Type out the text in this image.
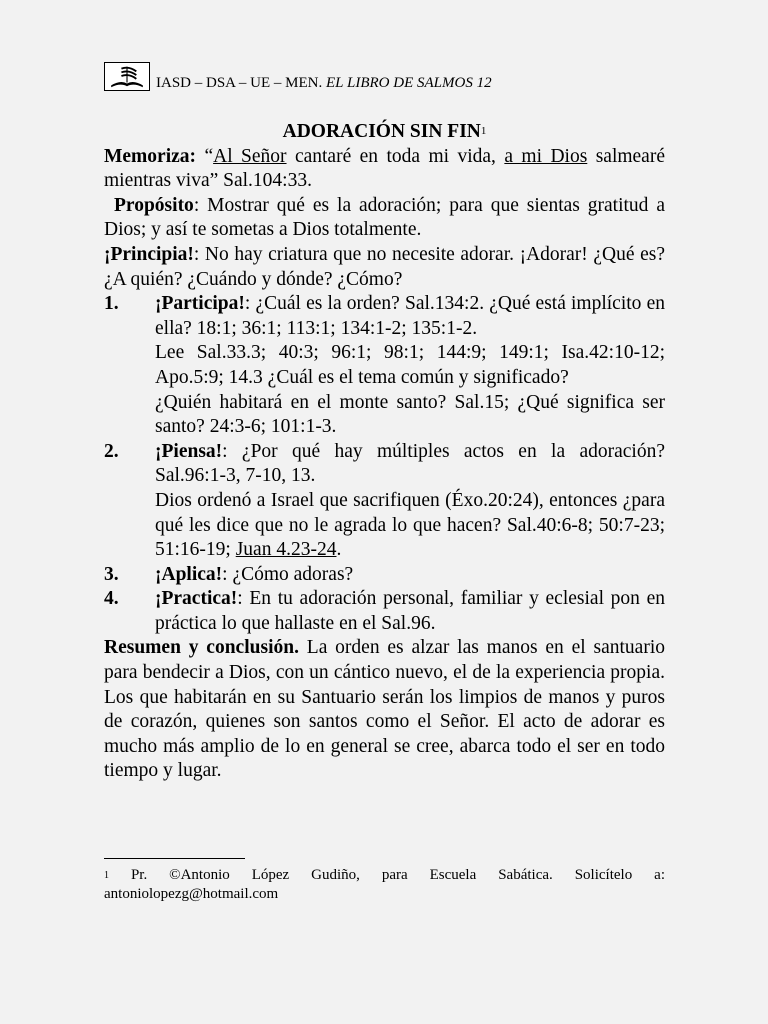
IASD – DSA – UE – MEN. EL LIBRO DE SALMOS 12
ADORACIÓN SIN FIN$^1$
Memoriza: “Al Señor cantaré en toda mi vida, a mi Dios salmearé mientras viva” Sal.104:33.
Propósito: Mostrar qué es la adoración; para que sientas gratitud a Dios; y así te sometas a Dios totalmente.
¡Principia!: No hay criatura que no necesite adorar. ¡Adorar! ¿Qué es? ¿A quién? ¿Cuándo y dónde? ¿Cómo?
1.	¡Participa!: ¿Cuál es la orden? Sal.134:2. ¿Qué está implícito en ella? 18:1; 36:1; 113:1; 134:1-2; 135:1-2.
Lee Sal.33.3; 40:3; 96:1; 98:1; 144:9; 149:1; Isa.42:10-12; Apo.5:9; 14.3 ¿Cuál es el tema común y significado?
¿Quién habitará en el monte santo? Sal.15; ¿Qué significa ser santo? 24:3-6; 101:1-3.
2.	¡Piensa!: ¿Por qué hay múltiples actos en la adoración? Sal.96:1-3, 7-10, 13.
Dios ordenó a Israel que sacrifiquen (Éxo.20:24), entonces ¿para qué les dice que no le agrada lo que hacen? Sal.40:6-8; 50:7-23; 51:16-19; Juan 4.23-24.
3.	¡Aplica!: ¿Cómo adoras?
4.	¡Practica!: En tu adoración personal, familiar y eclesial pon en práctica lo que hallaste en el Sal.96.
Resumen y conclusión. La orden es alzar las manos en el santuario para bendecir a Dios, con un cántico nuevo, el de la experiencia propia. Los que habitarán en su Santuario serán los limpios de manos y puros de corazón, quienes son santos como el Señor. El acto de adorar es mucho más amplio de lo en general se cree, abarca todo el ser en todo tiempo y lugar.
$^1$ Pr. ©Antonio López Gudiño, para Escuela Sabática. Solicítelo a: antoniolopezg@hotmail.com
